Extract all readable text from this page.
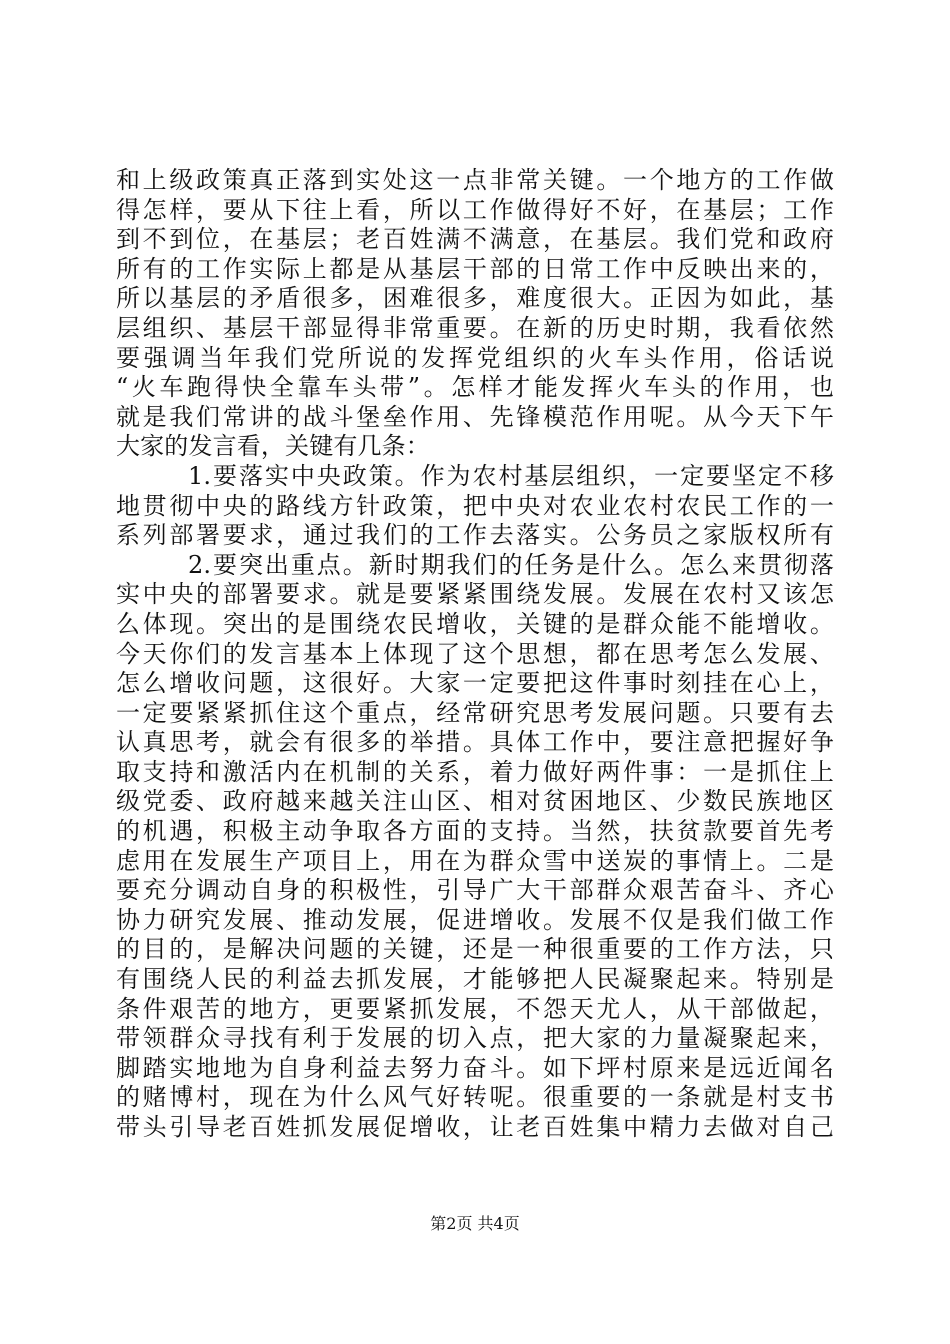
和上级政策真正落到实处这一点非常关键。一个地方的工作做
得怎样，要从下往上看，所以工作做得好不好，在基层；工作
到不到位，在基层；老百姓满不满意，在基层。我们党和政府
所有的工作实际上都是从基层干部的日常工作中反映出来的，
所以基层的矛盾很多，困难很多，难度很大。正因为如此，基
层组织、基层干部显得非常重要。在新的历史时期，我看依然
要强调当年我们党所说的发挥党组织的火车头作用，俗话说
“火车跑得快全靠车头带”。怎样才能发挥火车头的作用，也
就是我们常讲的战斗堡垒作用、先锋模范作用呢。从今天下午
大家的发言看，关键有几条：
1.要落实中央政策。作为农村基层组织，一定要坚定不移
地贯彻中央的路线方针政策，把中央对农业农村农民工作的一
系列部署要求，通过我们的工作去落实。公务员之家版权所有
2.要突出重点。新时期我们的任务是什么。怎么来贯彻落
实中央的部署要求。就是要紧紧围绕发展。发展在农村又该怎
么体现。突出的是围绕农民增收，关键的是群众能不能增收。
今天你们的发言基本上体现了这个思想，都在思考怎么发展、
怎么增收问题，这很好。大家一定要把这件事时刻挂在心上，
一定要紧紧抓住这个重点，经常研究思考发展问题。只要有去
认真思考，就会有很多的举措。具体工作中，要注意把握好争
取支持和激活内在机制的关系，着力做好两件事：一是抓住上
级党委、政府越来越关注山区、相对贫困地区、少数民族地区
的机遇，积极主动争取各方面的支持。当然，扶贫款要首先考
虑用在发展生产项目上，用在为群众雪中送炭的事情上。二是
要充分调动自身的积极性，引导广大干部群众艰苦奋斗、齐心
协力研究发展、推动发展，促进增收。发展不仅是我们做工作
的目的，是解决问题的关键，还是一种很重要的工作方法，只
有围绕人民的利益去抓发展，才能够把人民凝聚起来。特别是
条件艰苦的地方，更要紧抓发展，不怨天尤人，从干部做起，
带领群众寻找有利于发展的切入点，把大家的力量凝聚起来，
脚踏实地地为自身利益去努力奋斗。如下坪村原来是远近闻名
的赌博村，现在为什么风气好转呢。很重要的一条就是村支书
带头引导老百姓抓发展促增收，让老百姓集中精力去做对自己
第2页 共4页
